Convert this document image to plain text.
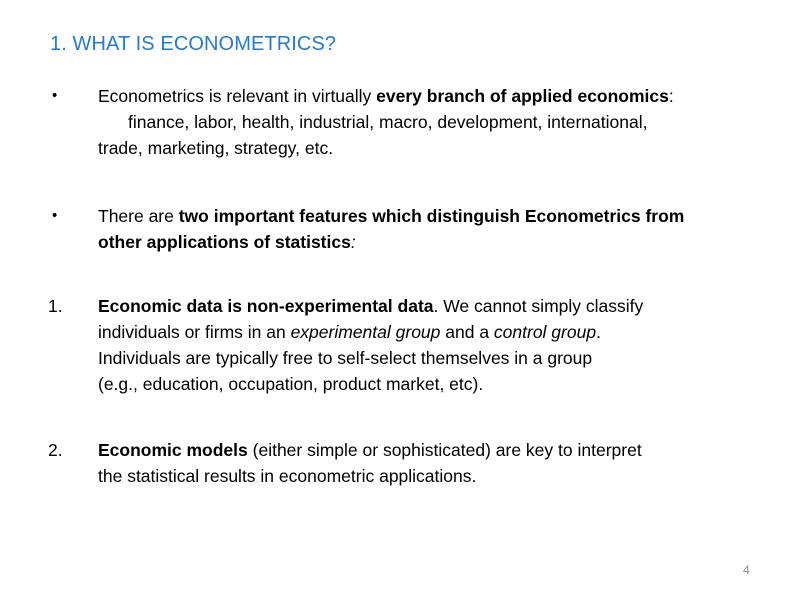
1. WHAT IS ECONOMETRICS?
• Econometrics is relevant in virtually every branch of applied economics:
finance, labor, health, industrial, macro, development, international,
trade, marketing, strategy, etc.
• There are two important features which distinguish Econometrics from
other applications of statistics:
1. Economic data is non-experimental data. We cannot simply classify
individuals or firms in an experimental group and a control group.
Individuals are typically free to self-select themselves in a group
(e.g., education, occupation, product market, etc).
2. Economic models (either simple or sophisticated) are key to interpret
the statistical results in econometric applications.
4
